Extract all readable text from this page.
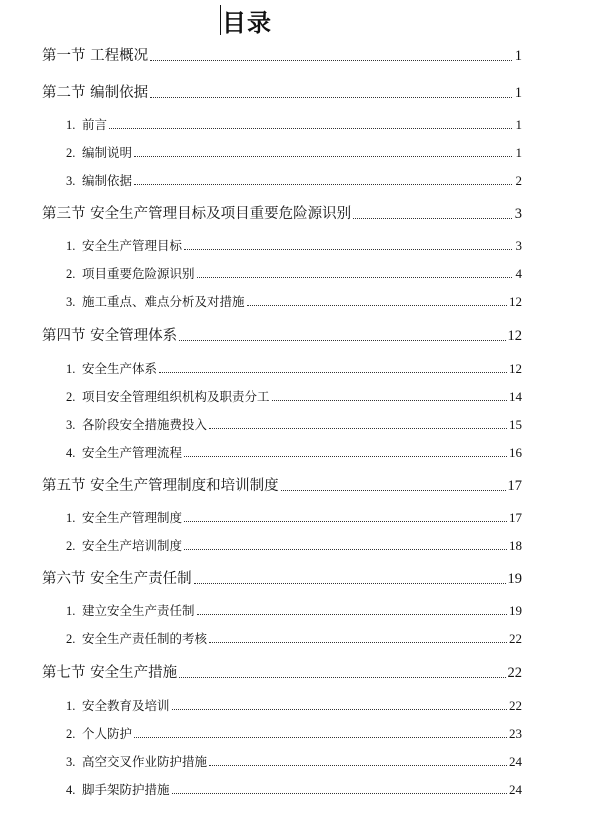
目录
第一节 工程概况	1
第二节 编制依据	1
1. 前言	1
2. 编制说明	1
3. 编制依据	2
第三节 安全生产管理目标及项目重要危险源识别	3
1. 安全生产管理目标	3
2. 项目重要危险源识别	4
3. 施工重点、难点分析及对措施	12
第四节 安全管理体系	12
1. 安全生产体系	12
2. 项目安全管理组织机构及职责分工	14
3. 各阶段安全措施费投入	15
4. 安全生产管理流程	16
第五节 安全生产管理制度和培训制度	17
1. 安全生产管理制度	17
2. 安全生产培训制度	18
第六节 安全生产责任制	19
1. 建立安全生产责任制	19
2. 安全生产责任制的考核	22
第七节 安全生产措施	22
1. 安全教育及培训	22
2. 个人防护	23
3. 高空交叉作业防护措施	24
4. 脚手架防护措施	24
